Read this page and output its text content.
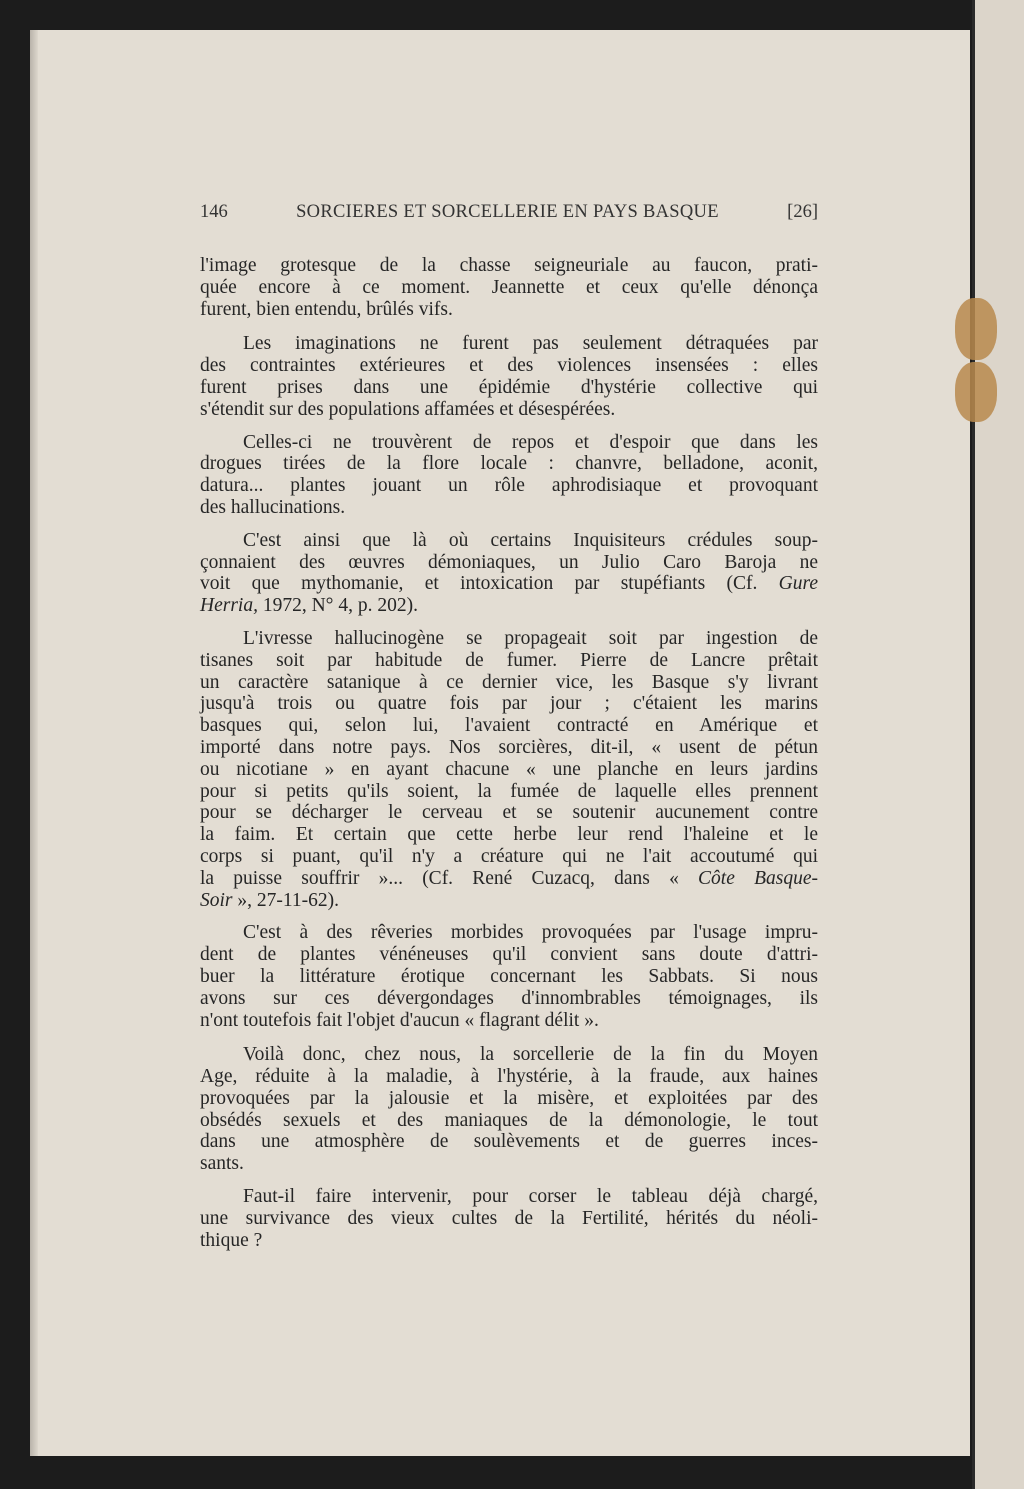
146	SORCIERES ET SORCELLERIE EN PAYS BASQUE	[26]
l'image grotesque de la chasse seigneuriale au faucon, prati-
quée encore à ce moment. Jeannette et ceux qu'elle dénonça
furent, bien entendu, brûlés vifs.
Les imaginations ne furent pas seulement détraquées par
des contraintes extérieures et des violences insensées : elles
furent prises dans une épidémie d'hystérie collective qui
s'étendit sur des populations affamées et désespérées.
Celles-ci ne trouvèrent de repos et d'espoir que dans les
drogues tirées de la flore locale : chanvre, belladone, aconit,
datura... plantes jouant un rôle aphrodisiaque et provoquant
des hallucinations.
C'est ainsi que là où certains Inquisiteurs crédules soup-
çonnaient des œuvres démoniaques, un Julio Caro Baroja ne
voit que mythomanie, et intoxication par stupéfiants (Cf. Gure
Herria, 1972, N° 4, p. 202).
L'ivresse hallucinogène se propageait soit par ingestion de
tisanes soit par habitude de fumer. Pierre de Lancre prêtait
un caractère satanique à ce dernier vice, les Basque s'y livrant
jusqu'à trois ou quatre fois par jour ; c'étaient les marins
basques qui, selon lui, l'avaient contracté en Amérique et
importé dans notre pays. Nos sorcières, dit-il, « usent de pétun
ou nicotiane » en ayant chacune « une planche en leurs jardins
pour si petits qu'ils soient, la fumée de laquelle elles prennent
pour se décharger le cerveau et se soutenir aucunement contre
la faim. Et certain que cette herbe leur rend l'haleine et le
corps si puant, qu'il n'y a créature qui ne l'ait accoutumé qui
la puisse souffrir »... (Cf. René Cuzacq, dans « Côte Basque-
Soir », 27-11-62).
C'est à des rêveries morbides provoquées par l'usage impru-
dent de plantes vénéneuses qu'il convient sans doute d'attri-
buer la littérature érotique concernant les Sabbats. Si nous
avons sur ces dévergondages d'innombrables témoignages, ils
n'ont toutefois fait l'objet d'aucun « flagrant délit ».
Voilà donc, chez nous, la sorcellerie de la fin du Moyen
Age, réduite à la maladie, à l'hystérie, à la fraude, aux haines
provoquées par la jalousie et la misère, et exploitées par des
obsédés sexuels et des maniaques de la démonologie, le tout
dans une atmosphère de soulèvements et de guerres inces-
sants.
Faut-il faire intervenir, pour corser le tableau déjà chargé,
une survivance des vieux cultes de la Fertilité, hérités du néoli-
thique ?
